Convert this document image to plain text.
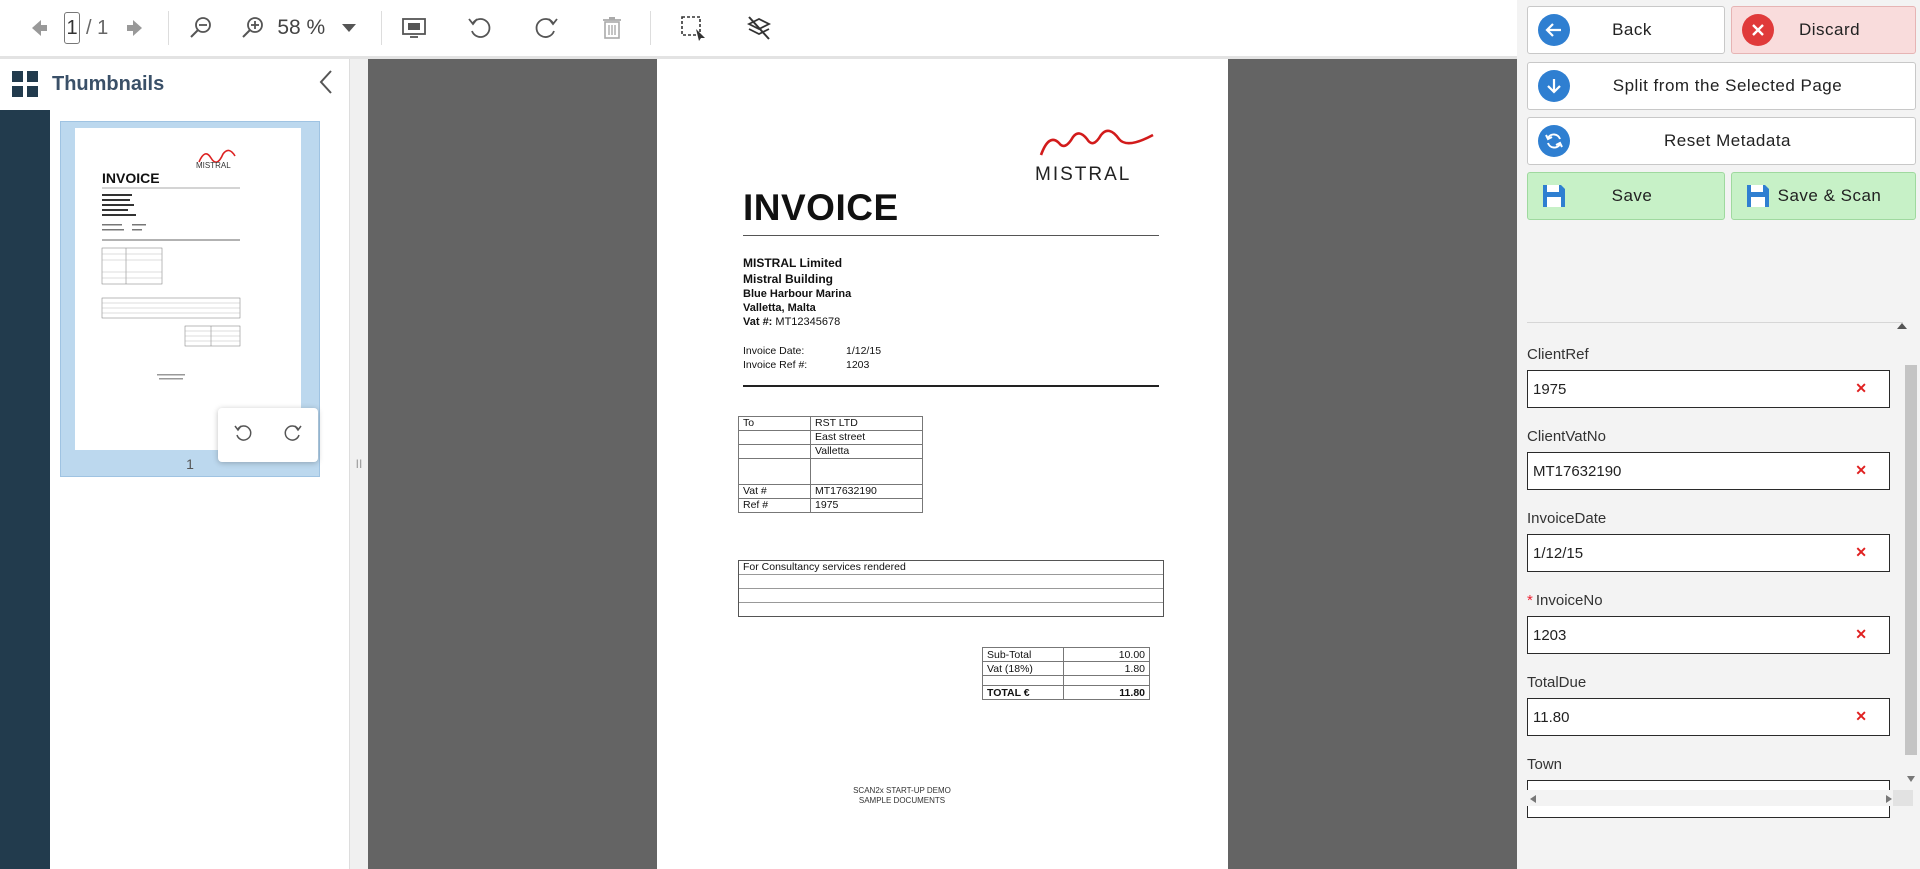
1 / 1	58 %
Thumbnails
MISTRAL
INVOICE
1	II
MISTRAL
INVOICE
MISTRAL Limited
Mistral Building
Blue Harbour Marina
Valletta, Malta
Vat #: MT12345678
Invoice Date:	1/12/15
Invoice Ref #:	1203
To	RST LTD
	East street
	Valletta

Vat #	MT17632190
Ref #	1975
For Consultancy services rendered
Sub-Total	10.00
Vat (18%)	1.80

TOTAL €	11.80
SCAN2x START-UP DEMO
SAMPLE DOCUMENTS
Back	Discard
Split from the Selected Page
Reset Metadata
Save	Save & Scan
ClientRef
1975	✕
ClientVatNo
MT17632190	✕
InvoiceDate
1/12/15	✕
* InvoiceNo
1203	✕
TotalDue
11.80	✕
Town
